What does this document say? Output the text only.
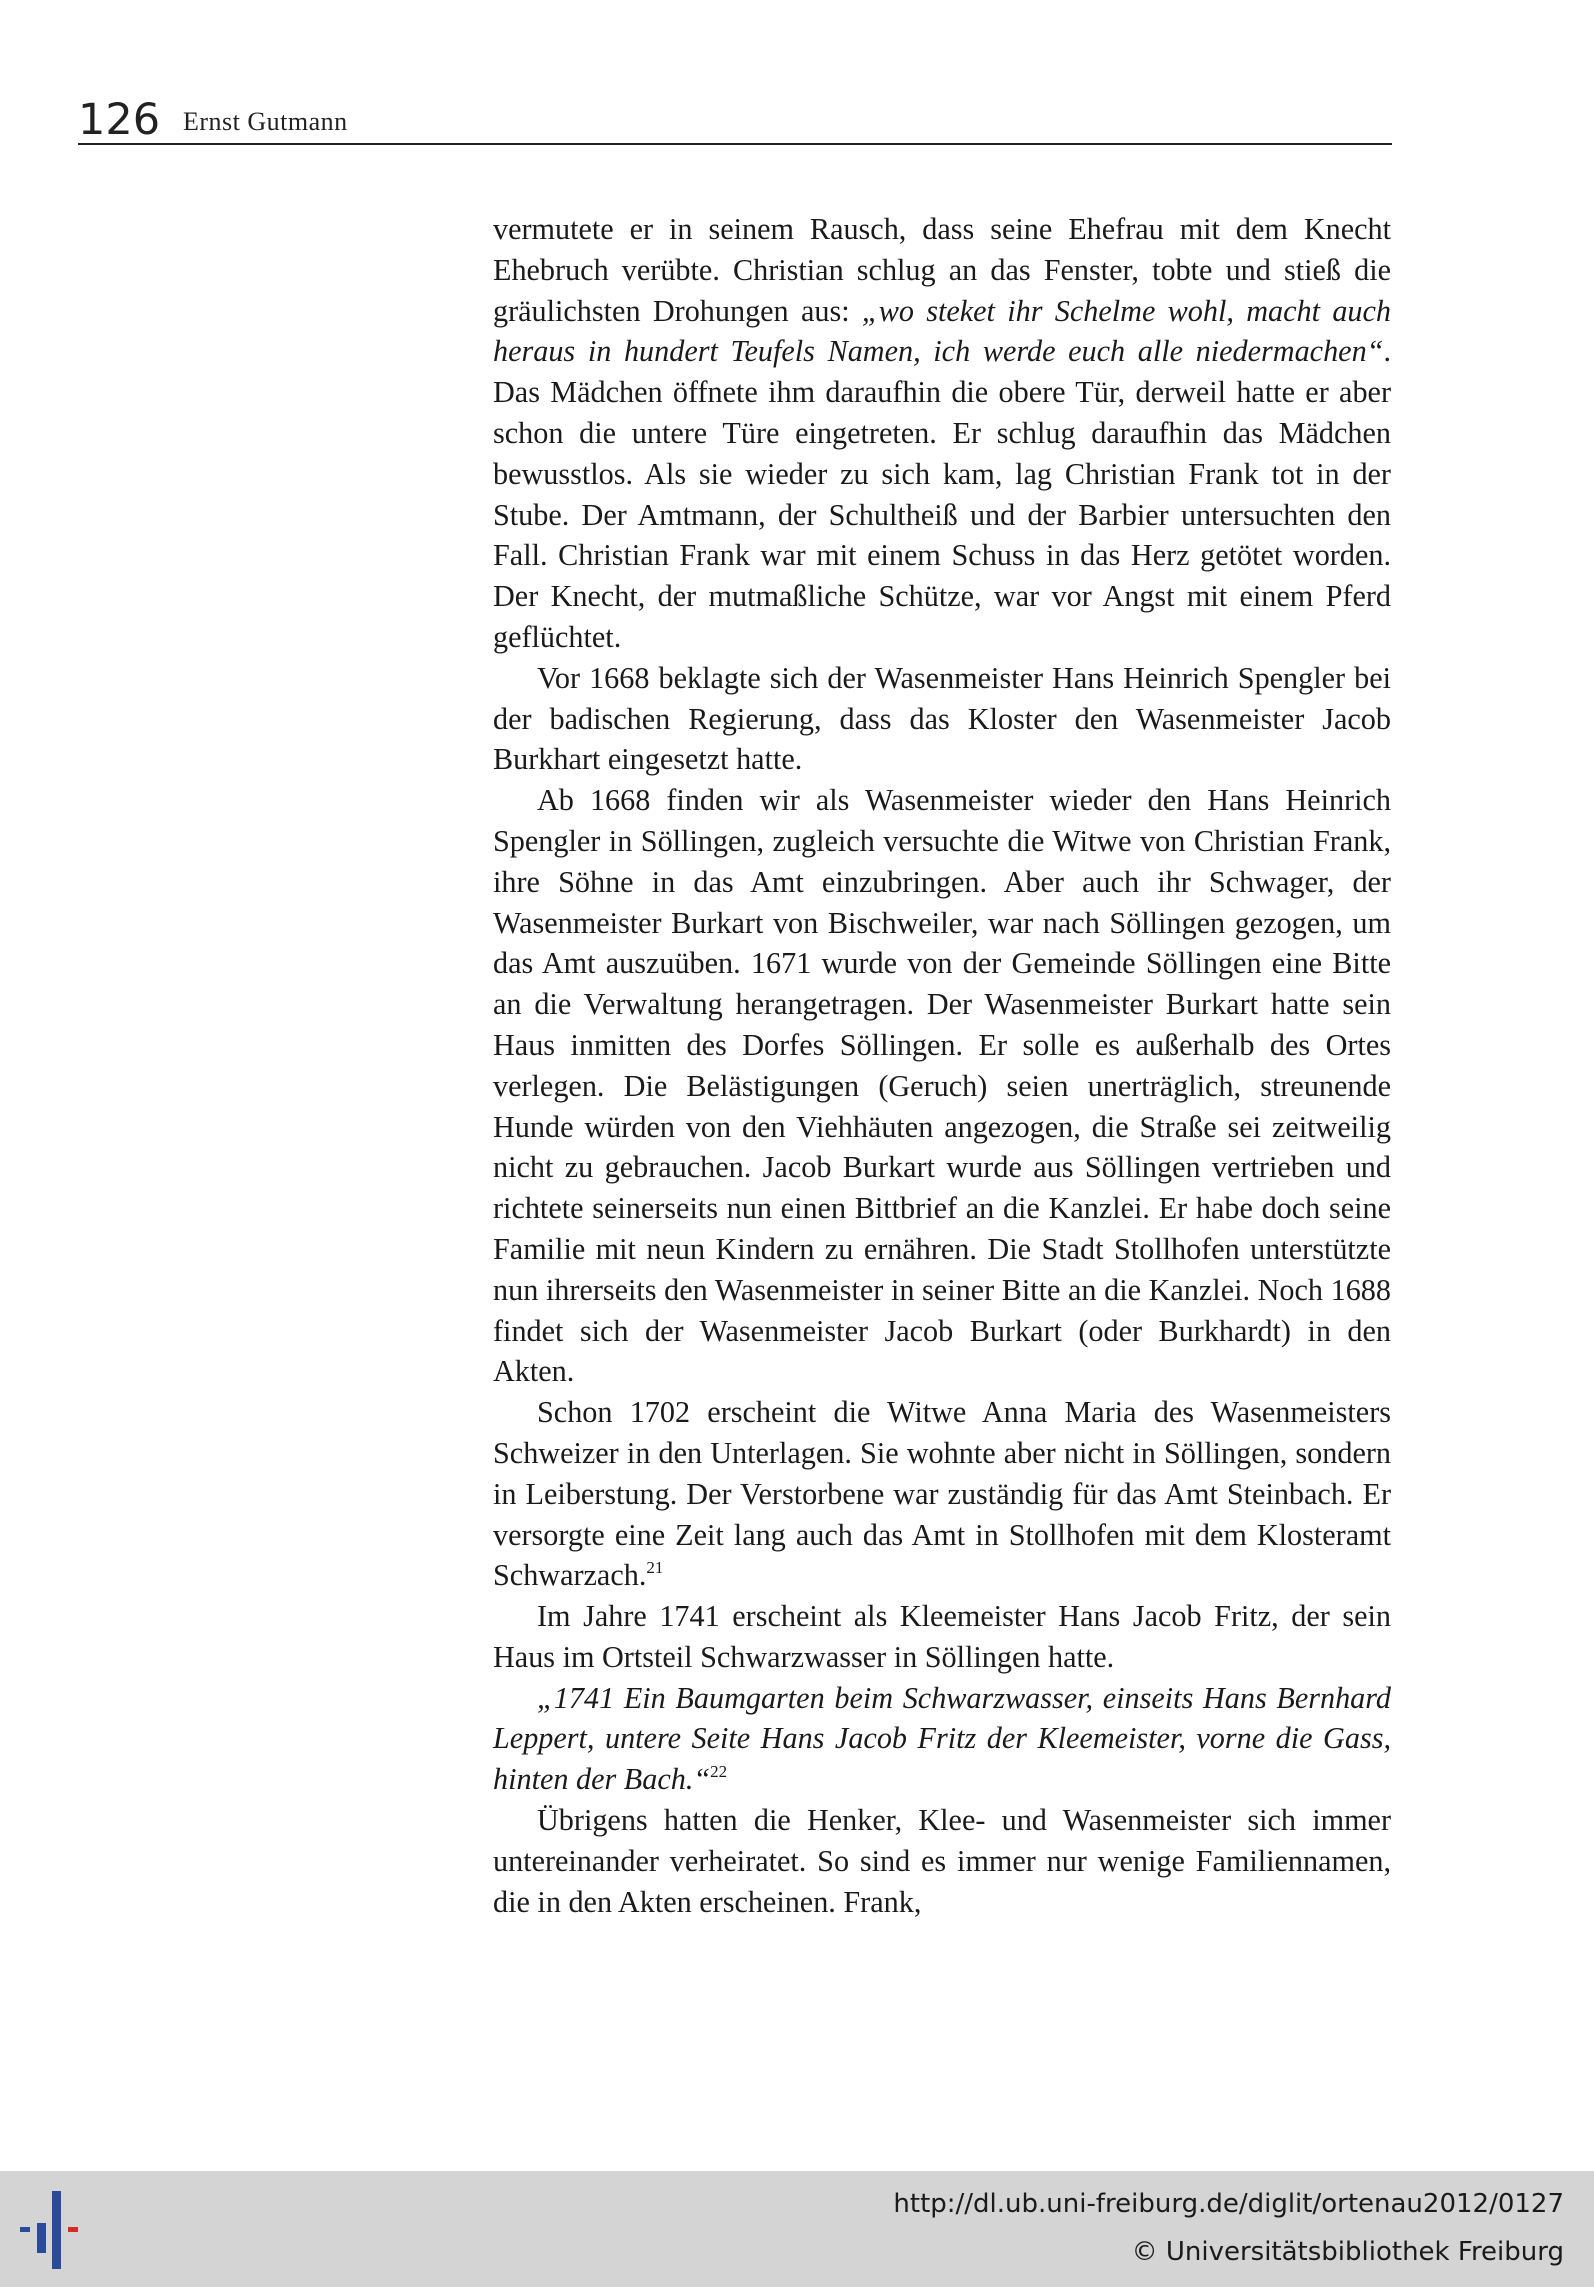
126 Ernst Gutmann

vermutete er in seinem Rausch, dass seine Ehefrau mit dem Knecht Ehebruch verübte. Christian schlug an das Fenster, tobte und stieß die gräulichsten Drohungen aus: „wo steket ihr Schelme wohl, macht auch heraus in hundert Teufels Namen, ich werde euch alle niedermachen“. Das Mädchen öffnete ihm daraufhin die obere Tür, derweil hatte er aber schon die untere Türe eingetreten. Er schlug daraufhin das Mädchen bewusstlos. Als sie wieder zu sich kam, lag Christian Frank tot in der Stube. Der Amtmann, der Schultheiß und der Barbier untersuchten den Fall. Christian Frank war mit einem Schuss in das Herz getötet worden. Der Knecht, der mutmaßliche Schütze, war vor Angst mit einem Pferd geflüchtet.

Vor 1668 beklagte sich der Wasenmeister Hans Heinrich Spengler bei der badischen Regierung, dass das Kloster den Wasenmeister Jacob Burkhart eingesetzt hatte.

Ab 1668 finden wir als Wasenmeister wieder den Hans Heinrich Spengler in Söllingen, zugleich versuchte die Witwe von Christian Frank, ihre Söhne in das Amt einzubringen. Aber auch ihr Schwager, der Wasenmeister Burkart von Bischweiler, war nach Söllingen gezogen, um das Amt auszuüben. 1671 wurde von der Gemeinde Söllingen eine Bitte an die Verwaltung herangetragen. Der Wasenmeister Burkart hatte sein Haus inmitten des Dorfes Söllingen. Er solle es außerhalb des Ortes verlegen. Die Belästigungen (Geruch) seien unerträglich, streunende Hunde würden von den Viehhäuten angezogen, die Straße sei zeitweilig nicht zu gebrauchen. Jacob Burkart wurde aus Söllingen vertrieben und richtete seinerseits nun einen Bittbrief an die Kanzlei. Er habe doch seine Familie mit neun Kindern zu ernähren. Die Stadt Stollhofen unterstützte nun ihrerseits den Wasenmeister in seiner Bitte an die Kanzlei. Noch 1688 findet sich der Wasenmeister Jacob Burkart (oder Burkhardt) in den Akten.

Schon 1702 erscheint die Witwe Anna Maria des Wasenmeisters Schweizer in den Unterlagen. Sie wohnte aber nicht in Söllingen, sondern in Leiberstung. Der Verstorbene war zuständig für das Amt Steinbach. Er versorgte eine Zeit lang auch das Amt in Stollhofen mit dem Klosteramt Schwarzach.$^{21}$

Im Jahre 1741 erscheint als Kleemeister Hans Jacob Fritz, der sein Haus im Ortsteil Schwarzwasser in Söllingen hatte.

„1741 Ein Baumgarten beim Schwarzwasser, einseits Hans Bernhard Leppert, untere Seite Hans Jacob Fritz der Kleemeister, vorne die Gass, hinten der Bach.“$^{22}$

Übrigens hatten die Henker, Klee- und Wasenmeister sich immer untereinander verheiratet. So sind es immer nur wenige Familiennamen, die in den Akten erscheinen. Frank,

http://dl.ub.uni-freiburg.de/diglit/ortenau2012/0127
© Universitätsbibliothek Freiburg
